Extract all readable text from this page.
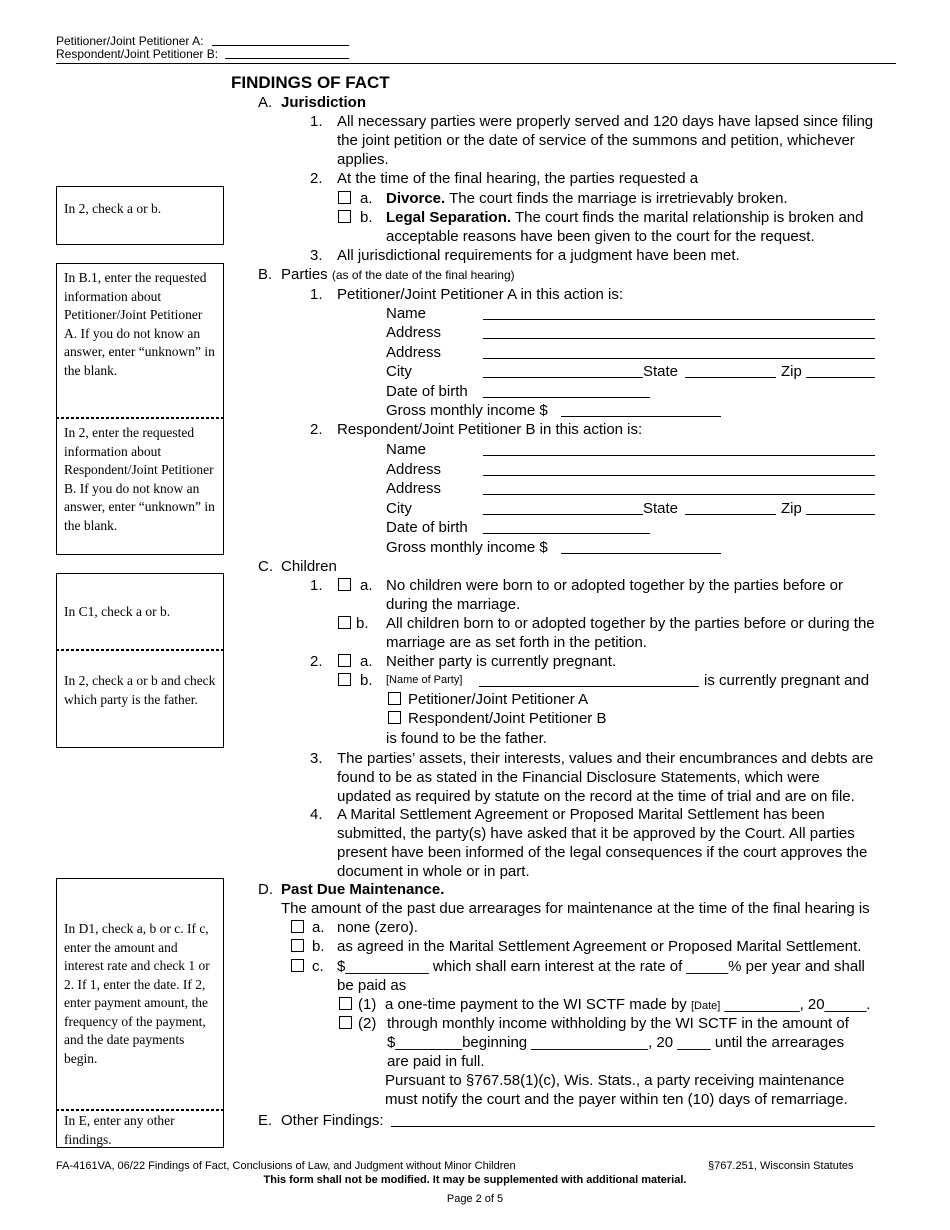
Petitioner/Joint Petitioner A:
Respondent/Joint Petitioner B:
FINDINGS OF FACT
A. Jurisdiction
1. All necessary parties were properly served and 120 days have lapsed since filing
the joint petition or the date of service of the summons and petition, whichever
applies.
2. At the time of the final hearing, the parties requested a
a. Divorce. The court finds the marriage is irretrievably broken.
b. Legal Separation. The court finds the marital relationship is broken and
acceptable reasons have been given to the court for the request.
3. All jurisdictional requirements for a judgment have been met.
B. Parties (as of the date of the final hearing)
1. Petitioner/Joint Petitioner A in this action is:
Name
Address
Address
City	State	Zip
Date of birth
Gross monthly income $
2. Respondent/Joint Petitioner B in this action is:
Name
Address
Address
City	State	Zip
Date of birth
Gross monthly income $
C. Children
1. a. No children were born to or adopted together by the parties before or
during the marriage.
b. All children born to or adopted together by the parties before or during the
marriage are as set forth in the petition.
2. a. Neither party is currently pregnant.
b. [Name of Party]	is currently pregnant and
Petitioner/Joint Petitioner A
Respondent/Joint Petitioner B
is found to be the father.
3. The parties’ assets, their interests, values and their encumbrances and debts are
found to be as stated in the Financial Disclosure Statements, which were
updated as required by statute on the record at the time of trial and are on file.
4. A Marital Settlement Agreement or Proposed Marital Settlement has been
submitted, the party(s) have asked that it be approved by the Court. All parties
present have been informed of the legal consequences if the court approves the
document in whole or in part.
D. Past Due Maintenance.
The amount of the past due arrearages for maintenance at the time of the final hearing is
a. none (zero).
b. as agreed in the Marital Settlement Agreement or Proposed Marital Settlement.
c. $__________ which shall earn interest at the rate of _____% per year and shall
be paid as
(1) a one-time payment to the WI SCTF made by [Date] _________, 20_____.
(2) through monthly income withholding by the WI SCTF in the amount of
$________beginning ______________, 20 ____ until the arrearages
are paid in full.
Pursuant to §767.58(1)(c), Wis. Stats., a party receiving maintenance
must notify the court and the payer within ten (10) days of remarriage.
E. Other Findings:
In 2, check a or b.
In B.1, enter the requested information about Petitioner/Joint Petitioner A. If you do not know an answer, enter “unknown” in the blank.
In 2, enter the requested information about Respondent/Joint Petitioner B. If you do not know an answer, enter “unknown” in the blank.
In C1, check a or b.
In 2, check a or b and check which party is the father.
In D1, check a, b or c. If c, enter the amount and interest rate and check 1 or 2. If 1, enter the date. If 2, enter payment amount, the frequency of the payment, and the date payments begin.
In E, enter any other findings.
FA-4161VA, 06/22 Findings of Fact, Conclusions of Law, and Judgment without Minor Children	§767.251, Wisconsin Statutes
This form shall not be modified. It may be supplemented with additional material.
Page 2 of 5
